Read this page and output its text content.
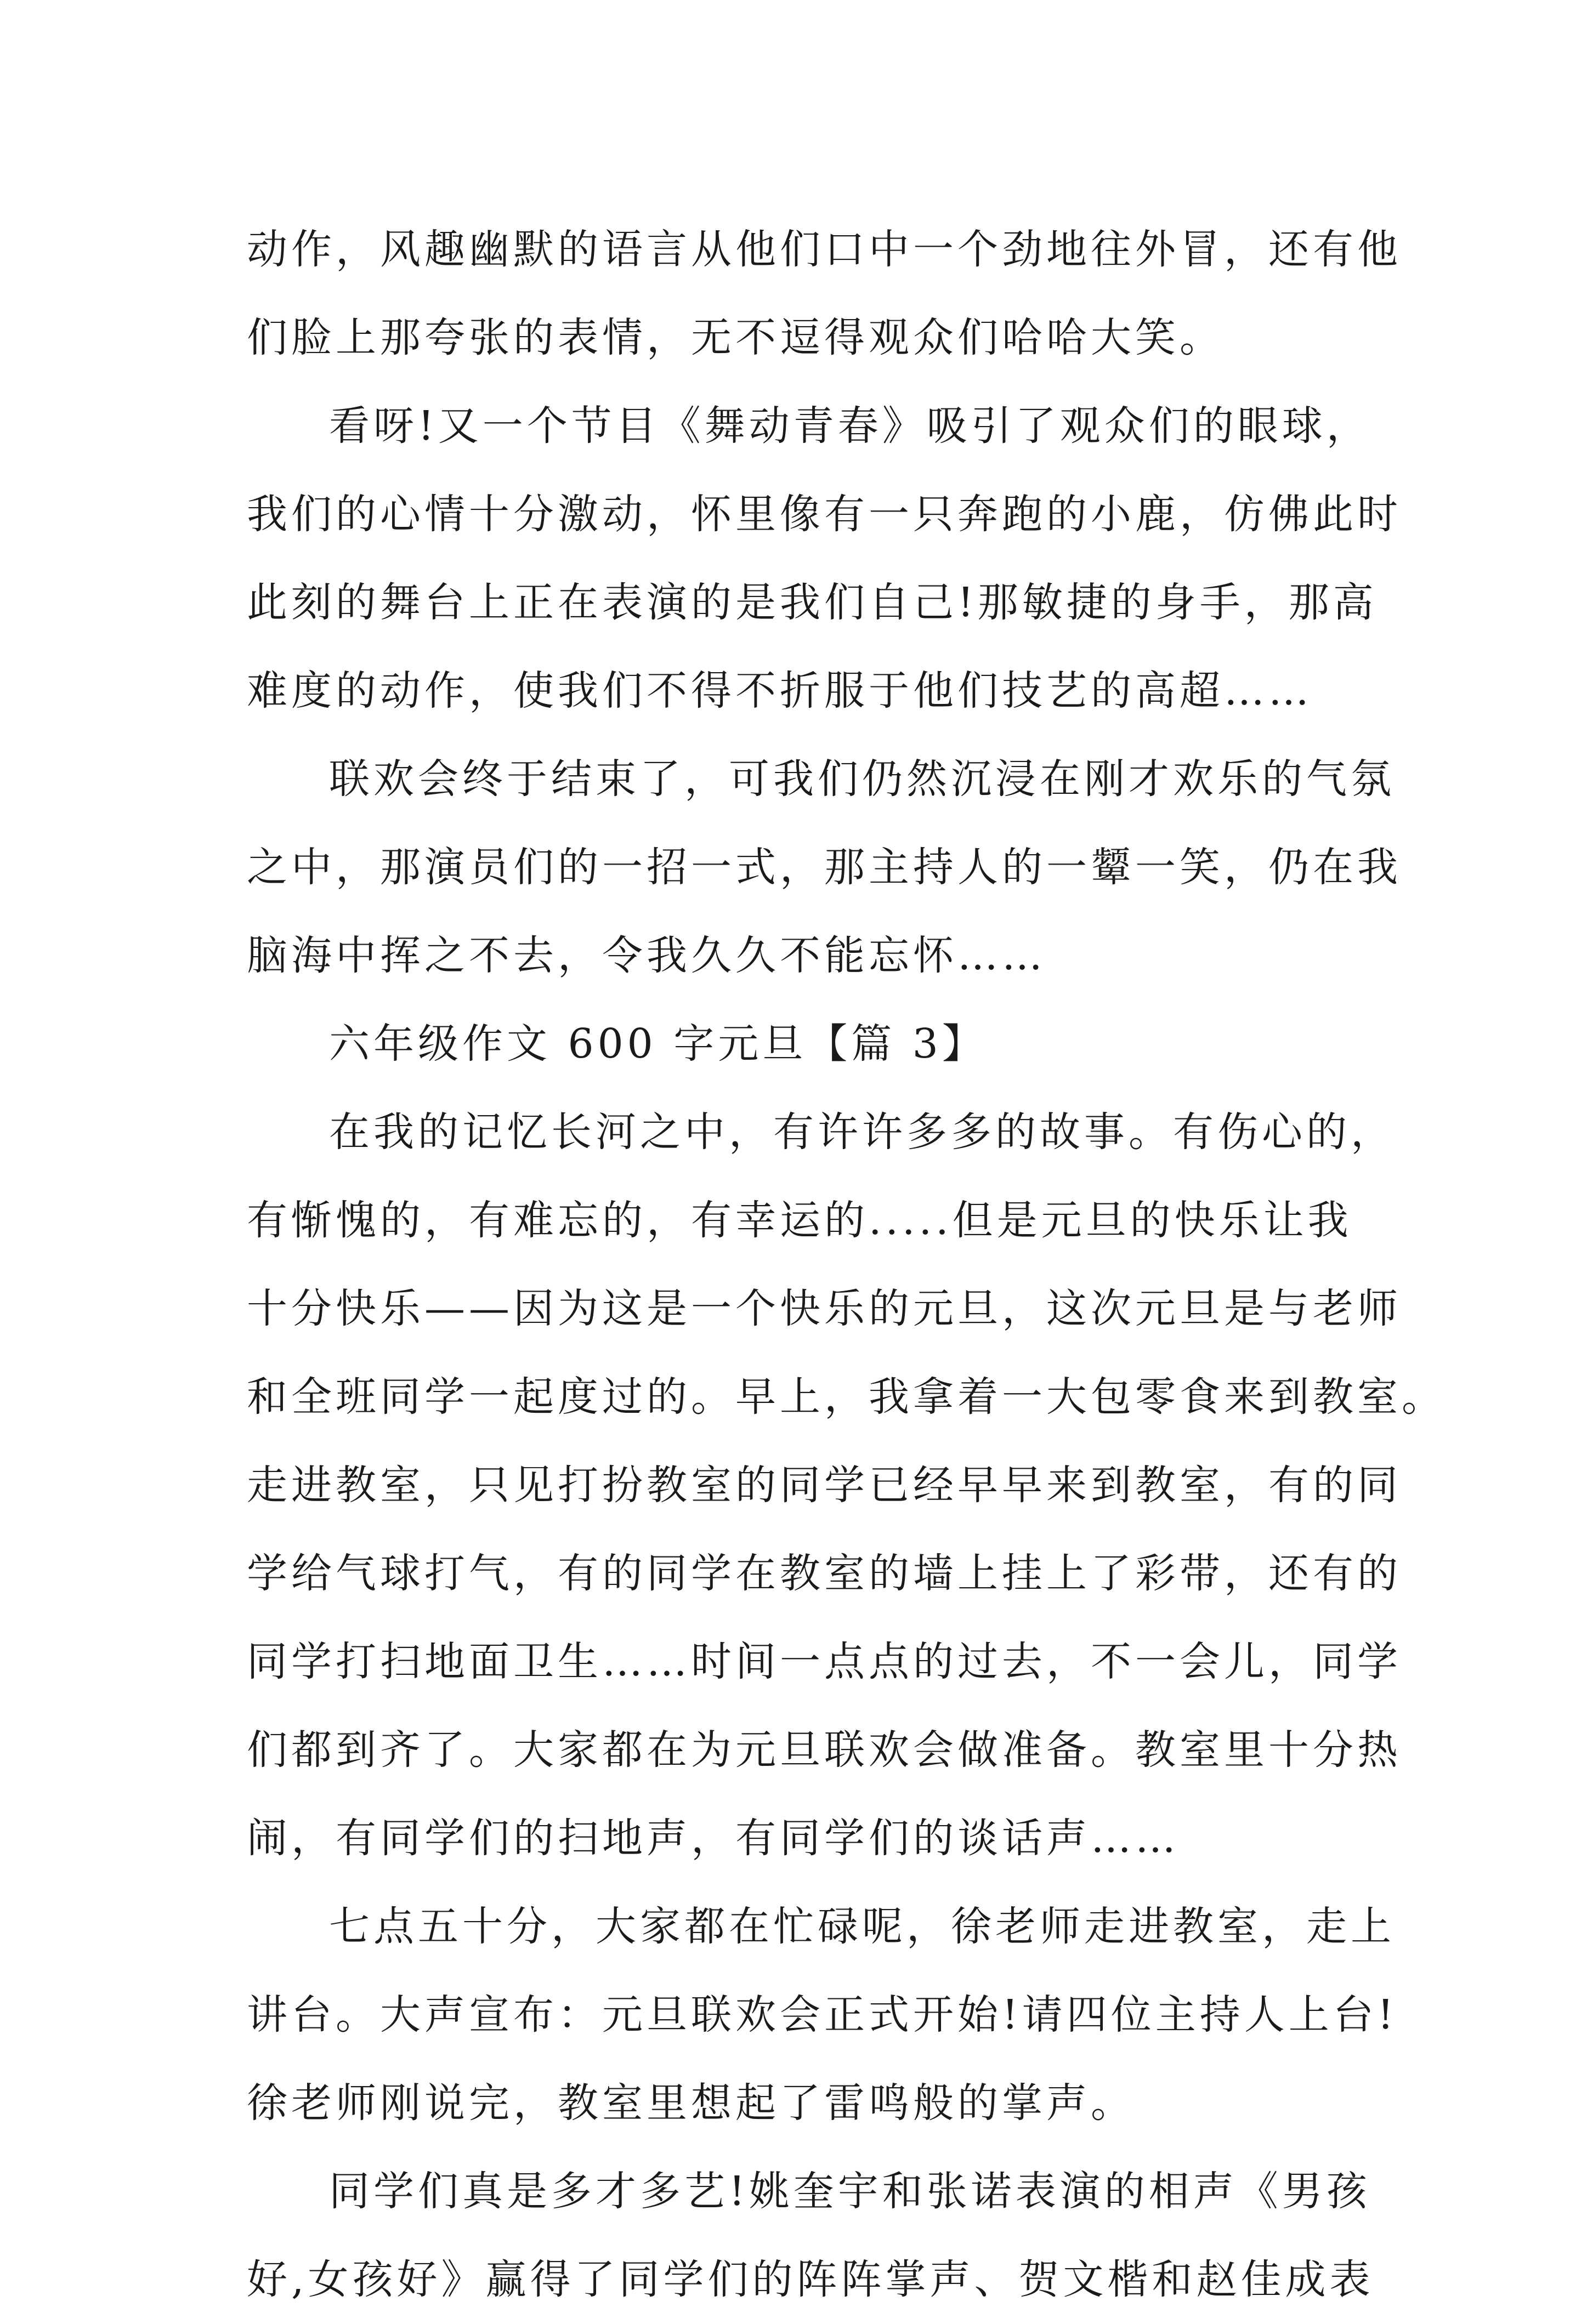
动作，风趣幽默的语言从他们口中一个劲地往外冒，还有他
们脸上那夸张的表情，无不逗得观众们哈哈大笑。
看呀!又一个节目《舞动青春》吸引了观众们的眼球，
我们的心情十分激动，怀里像有一只奔跑的小鹿，仿佛此时
此刻的舞台上正在表演的是我们自己!那敏捷的身手，那高
难度的动作，使我们不得不折服于他们技艺的高超……
联欢会终于结束了，可我们仍然沉浸在刚才欢乐的气氛
之中，那演员们的一招一式，那主持人的一颦一笑，仍在我
脑海中挥之不去，令我久久不能忘怀……
六年级作文 600 字元旦【篇 3】
在我的记忆长河之中，有许许多多的故事。有伤心的，
有惭愧的，有难忘的，有幸运的.....但是元旦的快乐让我
十分快乐——因为这是一个快乐的元旦，这次元旦是与老师
和全班同学一起度过的。早上，我拿着一大包零食来到教室。
走进教室，只见打扮教室的同学已经早早来到教室，有的同
学给气球打气，有的同学在教室的墙上挂上了彩带，还有的
同学打扫地面卫生……时间一点点的过去，不一会儿，同学
们都到齐了。大家都在为元旦联欢会做准备。教室里十分热
闹，有同学们的扫地声，有同学们的谈话声……
七点五十分，大家都在忙碌呢，徐老师走进教室，走上
讲台。大声宣布：元旦联欢会正式开始!请四位主持人上台!
徐老师刚说完，教室里想起了雷鸣般的掌声。
同学们真是多才多艺!姚奎宇和张诺表演的相声《男孩
好,女孩好》赢得了同学们的阵阵掌声、贺文楷和赵佳成表
